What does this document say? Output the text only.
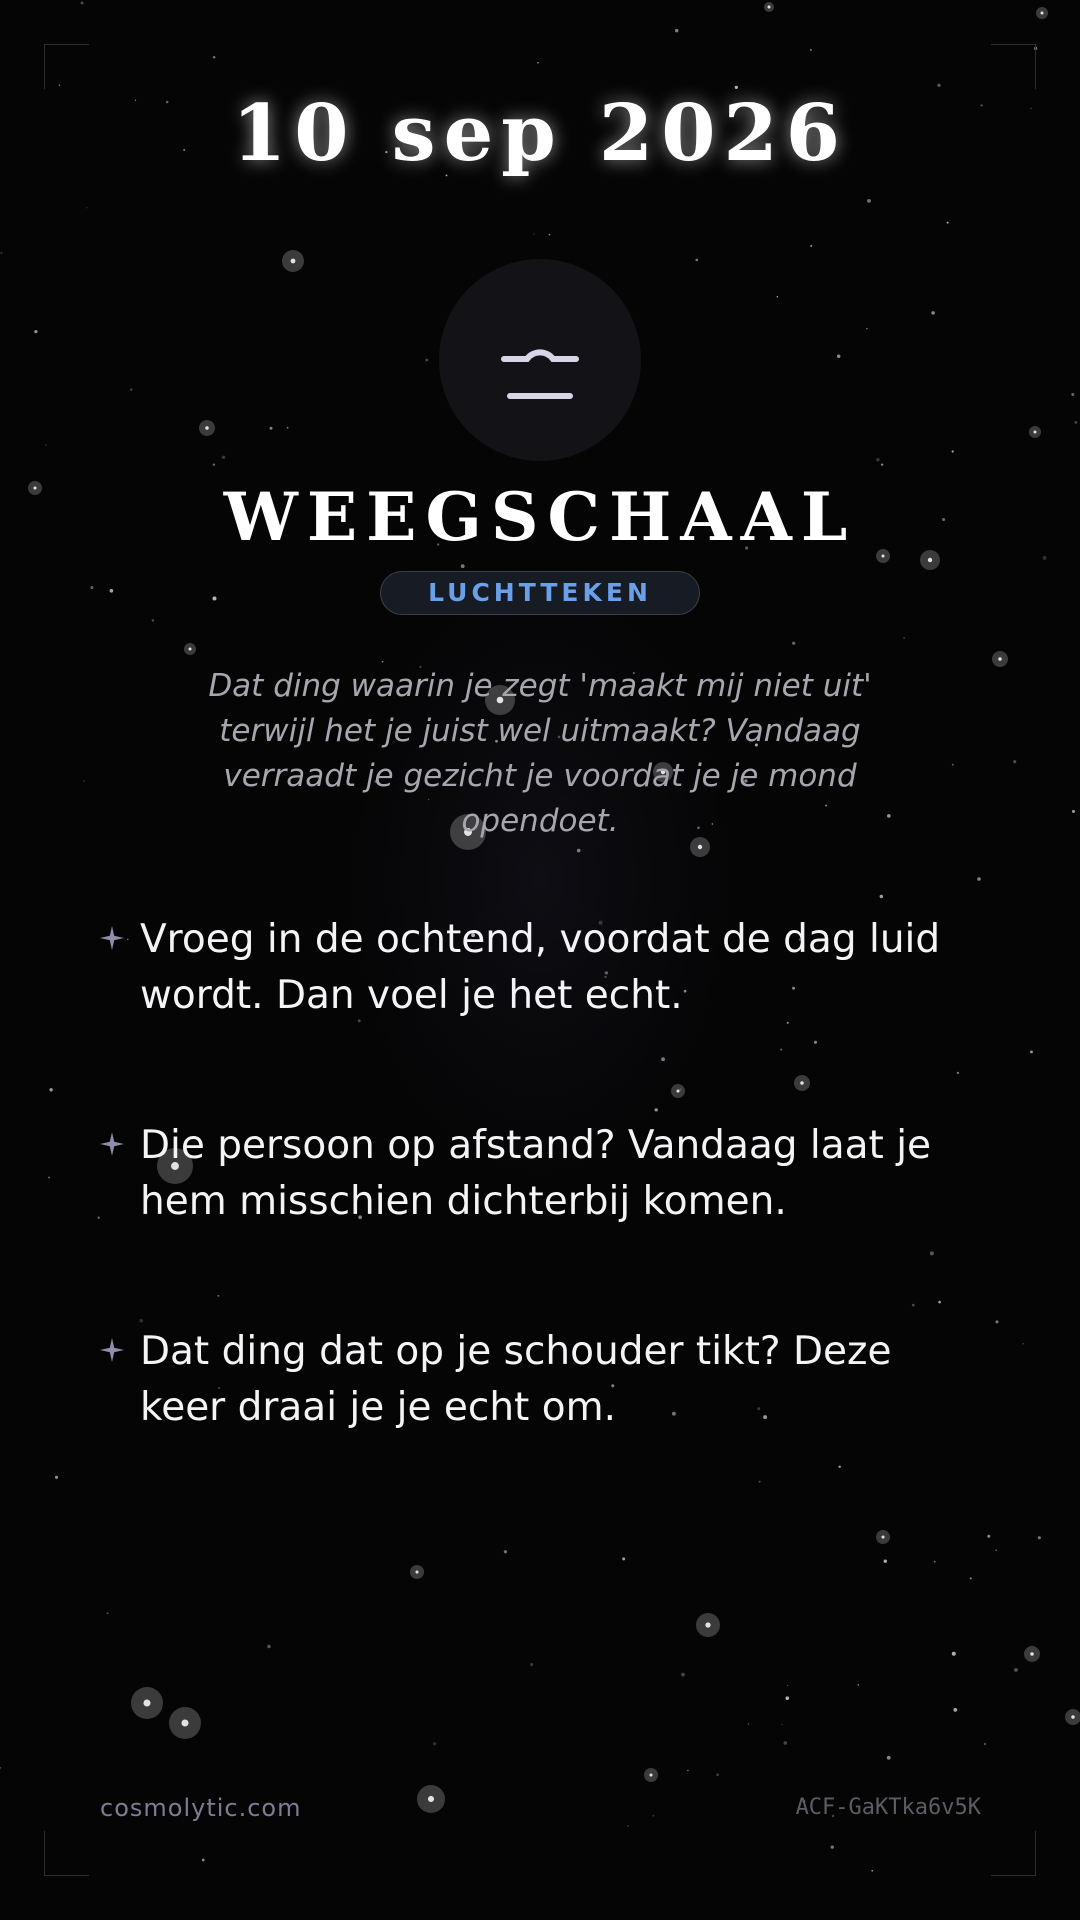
10 sep 2026
WEEGSCHAAL
LUCHTTEKEN
Dat ding waarin je zegt 'maakt mij niet uit' terwijl het je juist wel uitmaakt? Vandaag verraadt je gezicht je voordat je je mond opendoet.
Vroeg in de ochtend, voordat de dag luid wordt. Dan voel je het echt.
Die persoon op afstand? Vandaag laat je hem misschien dichterbij komen.
Dat ding dat op je schouder tikt? Deze keer draai je je echt om.
cosmolytic.com	ACF-GaKTka6v5K
